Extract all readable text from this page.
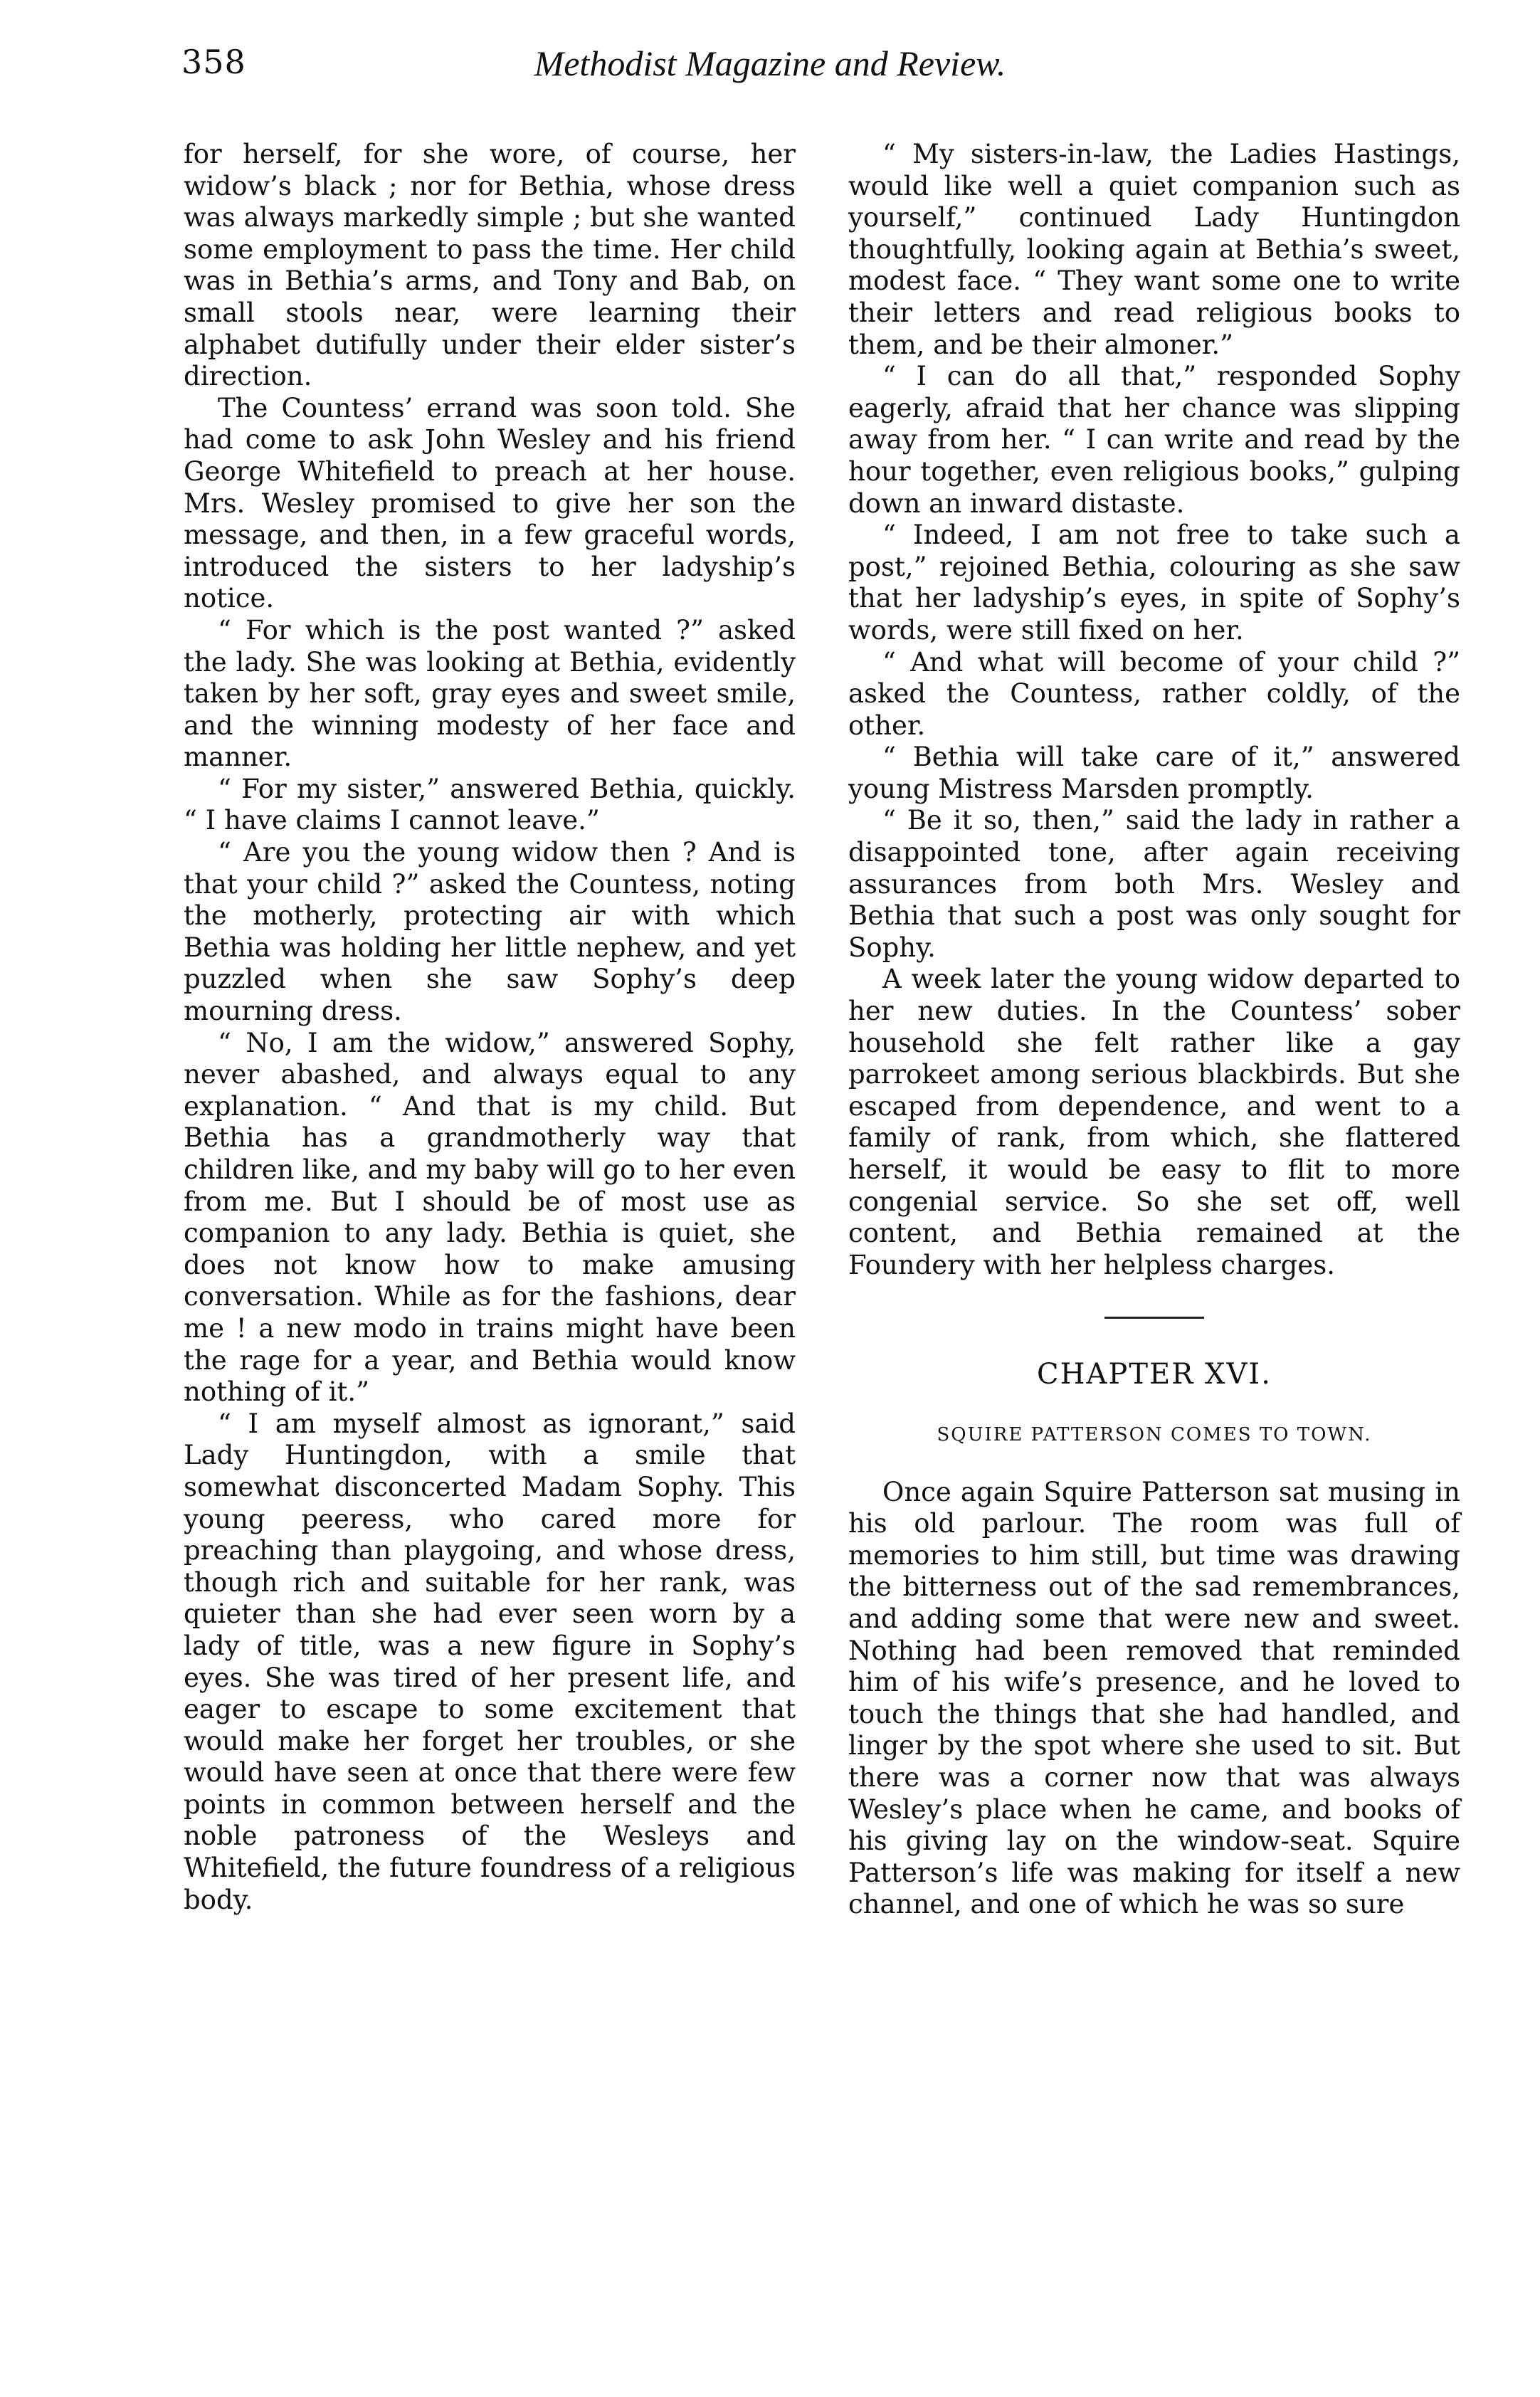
358	Methodist Magazine and Review.

for herself, for she wore, of course, her widow’s black ; nor for Bethia, whose dress was always markedly simple ; but she wanted some employment to pass the time. Her child was in Bethia’s arms, and Tony and Bab, on small stools near, were learning their alphabet dutifully under their elder sister’s direction.

The Countess’ errand was soon told. She had come to ask John Wesley and his friend George Whitefield to preach at her house. Mrs. Wesley promised to give her son the message, and then, in a few graceful words, introduced the sisters to her ladyship’s notice.

“ For which is the post wanted ?” asked the lady. She was looking at Bethia, evidently taken by her soft, gray eyes and sweet smile, and the winning modesty of her face and manner.

“ For my sister,” answered Bethia, quickly. “ I have claims I cannot leave.”

“ Are you the young widow then ? And is that your child ?” asked the Countess, noting the motherly, protecting air with which Bethia was holding her little nephew, and yet puzzled when she saw Sophy’s deep mourning dress.

“ No, I am the widow,” answered Sophy, never abashed, and always equal to any explanation. “ And that is my child. But Bethia has a grandmotherly way that children like, and my baby will go to her even from me. But I should be of most use as companion to any lady. Bethia is quiet, she does not know how to make amusing conversation. While as for the fashions, dear me ! a new modo in trains might have been the rage for a year, and Bethia would know nothing of it.”

“ I am myself almost as ignorant,” said Lady Huntingdon, with a smile that somewhat disconcerted Madam Sophy. This young peeress, who cared more for preaching than playgoing, and whose dress, though rich and suitable for her rank, was quieter than she had ever seen worn by a lady of title, was a new figure in Sophy’s eyes. She was tired of her present life, and eager to escape to some excitement that would make her forget her troubles, or she would have seen at once that there were few points in common between herself and the noble patroness of the Wesleys and Whitefield, the future foundress of a religious body.

“ My sisters-in-law, the Ladies Hastings, would like well a quiet companion such as yourself,” continued Lady Huntingdon thoughtfully, looking again at Bethia’s sweet, modest face. “ They want some one to write their letters and read religious books to them, and be their almoner.”

“ I can do all that,” responded Sophy eagerly, afraid that her chance was slipping away from her. “ I can write and read by the hour together, even religious books,” gulping down an inward distaste.

“ Indeed, I am not free to take such a post,” rejoined Bethia, colouring as she saw that her ladyship’s eyes, in spite of Sophy’s words, were still fixed on her.

“ And what will become of your child ?” asked the Countess, rather coldly, of the other.

“ Bethia will take care of it,” answered young Mistress Marsden promptly.

“ Be it so, then,” said the lady in rather a disappointed tone, after again receiving assurances from both Mrs. Wesley and Bethia that such a post was only sought for Sophy.

A week later the young widow departed to her new duties. In the Countess’ sober household she felt rather like a gay parrokeet among serious blackbirds. But she escaped from dependence, and went to a family of rank, from which, she flattered herself, it would be easy to flit to more congenial service. So she set off, well content, and Bethia remained at the Foundery with her helpless charges.

CHAPTER XVI.
SQUIRE PATTERSON COMES TO TOWN.

Once again Squire Patterson sat musing in his old parlour. The room was full of memories to him still, but time was drawing the bitterness out of the sad remembrances, and adding some that were new and sweet. Nothing had been removed that reminded him of his wife’s presence, and he loved to touch the things that she had handled, and linger by the spot where she used to sit. But there was a corner now that was always Wesley’s place when he came, and books of his giving lay on the window-seat. Squire Patterson’s life was making for itself a new channel, and one of which he was so sure
